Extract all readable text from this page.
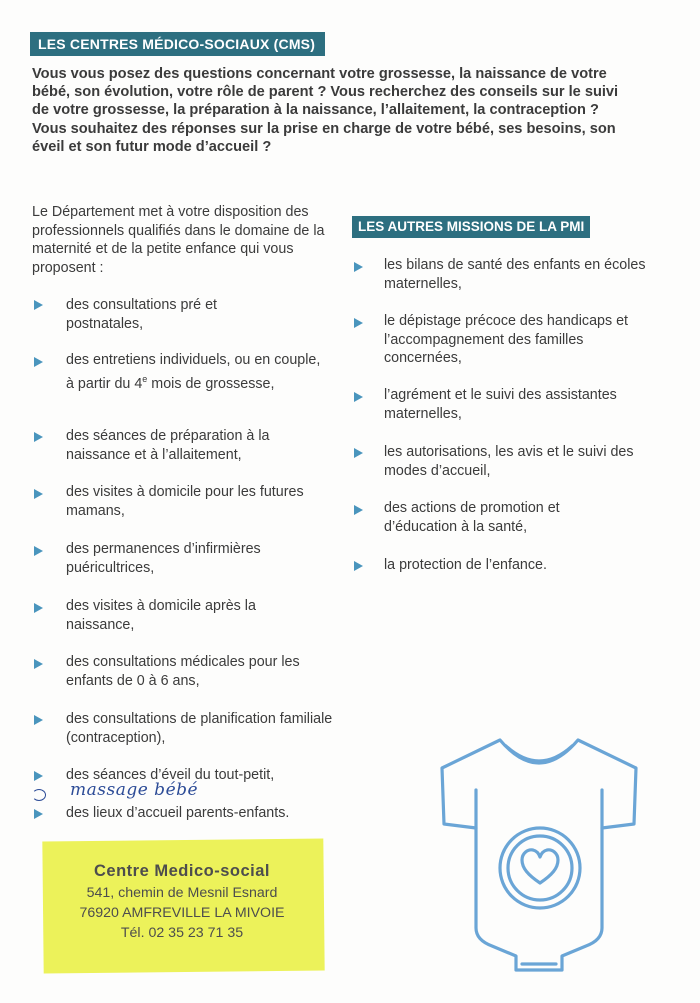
LES CENTRES MÉDICO-SOCIAUX (CMS)
Vous vous posez des questions concernant votre grossesse, la naissance de votre bébé, son évolution, votre rôle de parent ? Vous recherchez des conseils sur le suivi de votre grossesse, la préparation à la naissance, l’allaitement, la contraception ? Vous souhaitez des réponses sur la prise en charge de votre bébé, ses besoins, son éveil et son futur mode d’accueil ?
Le Département met à votre disposition des professionnels qualifiés dans le domaine de la maternité et de la petite enfance qui vous proposent :
des consultations pré et postnatales,
des entretiens individuels, ou en couple, à partir du 4e mois de grossesse,
des séances de préparation à la naissance et à l’allaitement,
des visites à domicile pour les futures mamans,
des permanences d’infirmières puéricultrices,
des visites à domicile après la naissance,
des consultations médicales pour les enfants de 0 à 6 ans,
des consultations de planification familiale (contraception),
des séances d’éveil du tout-petit,
massage bébé
des lieux d’accueil parents-enfants.
LES AUTRES MISSIONS DE LA PMI
les bilans de santé des enfants en écoles maternelles,
le dépistage précoce des handicaps et l’accompagnement des familles concernées,
l’agrément et le suivi des assistantes maternelles,
les autorisations, les avis et le suivi des modes d’accueil,
des actions de promotion et d’éducation à la santé,
la protection de l’enfance.
Centre Medico-social
541, chemin de Mesnil Esnard
76920 AMFREVILLE LA MIVOIE
Tél. 02 35 23 71 35
